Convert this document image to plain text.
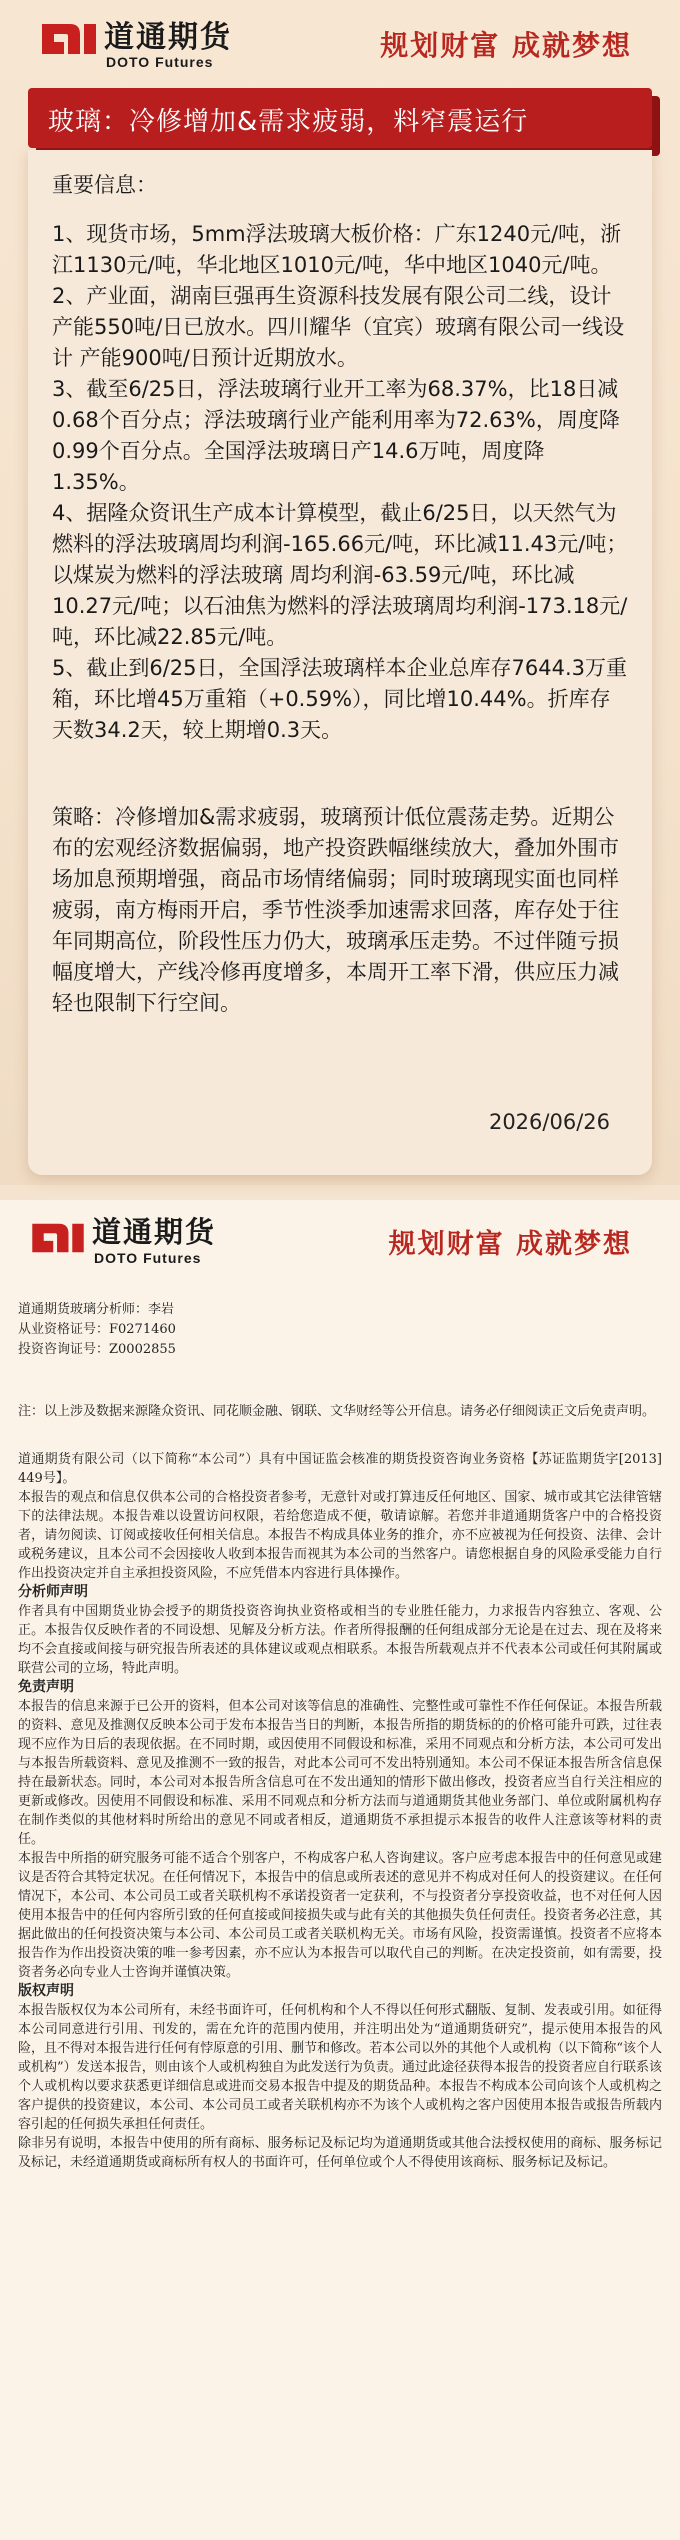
道通期货
DOTO Futures	规划财富 成就梦想
玻璃：冷修增加&需求疲弱，料窄震运行

重要信息：

1、现货市场，5mm浮法玻璃大板价格：广东1240元/吨，浙江1130元/吨，华北地区1010元/吨，华中地区1040元/吨。

2、产业面，湖南巨强再生资源科技发展有限公司二线，设计产能550吨/日已放水。四川耀华（宜宾）玻璃有限公司一线设计 产能900吨/日预计近期放水。

3、截至6/25日，浮法玻璃行业开工率为68.37%，比18日减0.68个百分点；浮法玻璃行业产能利用率为72.63%，周度降0.99个百分点。全国浮法玻璃日产14.6万吨，周度降1.35%。

4、据隆众资讯生产成本计算模型，截止6/25日，以天然气为燃料的浮法玻璃周均利润-165.66元/吨，环比减11.43元/吨；以煤炭为燃料的浮法玻璃 周均利润-63.59元/吨，环比减10.27元/吨；以石油焦为燃料的浮法玻璃周均利润-173.18元/吨，环比减22.85元/吨。

5、截止到6/25日，全国浮法玻璃样本企业总库存7644.3万重箱，环比增45万重箱（+0.59%），同比增10.44%。折库存天数34.2天，较上期增0.3天。

策略：冷修增加&需求疲弱，玻璃预计低位震荡走势。近期公布的宏观经济数据偏弱，地产投资跌幅继续放大，叠加外围市场加息预期增强，商品市场情绪偏弱；同时玻璃现实面也同样疲弱，南方梅雨开启，季节性淡季加速需求回落，库存处于往年同期高位，阶段性压力仍大，玻璃承压走势。不过伴随亏损幅度增大，产线冷修再度增多，本周开工率下滑，供应压力减轻也限制下行空间。

2026/06/26
道通期货
DOTO Futures	规划财富 成就梦想

道通期货玻璃分析师：李岩

从业资格证号：F0271460

投资咨询证号：Z0002855

注：以上涉及数据来源隆众资讯、同花顺金融、钢联、文华财经等公开信息。请务必仔细阅读正文后免责声明。

道通期货有限公司（以下简称“本公司”）具有中国证监会核准的期货投资咨询业务资格【苏证监期货字[2013] 449号】。

本报告的观点和信息仅供本公司的合格投资者参考，无意针对或打算违反任何地区、国家、城市或其它法律管辖下的法律法规。本报告难以设置访问权限，若给您造成不便，敬请谅解。若您并非道通期货客户中的合格投资者，请勿阅读、订阅或接收任何相关信息。本报告不构成具体业务的推介，亦不应被视为任何投资、法律、会计或税务建议，且本公司不会因接收人收到本报告而视其为本公司的当然客户。请您根据自身的风险承受能力自行作出投资决定并自主承担投资风险，不应凭借本内容进行具体操作。

分析师声明

作者具有中国期货业协会授予的期货投资咨询执业资格或相当的专业胜任能力，力求报告内容独立、客观、公正。本报告仅反映作者的不同设想、见解及分析方法。作者所得报酬的任何组成部分无论是在过去、现在及将来均不会直接或间接与研究报告所表述的具体建议或观点相联系。本报告所载观点并不代表本公司或任何其附属或联营公司的立场，特此声明。

免责声明

本报告的信息来源于已公开的资料，但本公司对该等信息的准确性、完整性或可靠性不作任何保证。本报告所载的资料、意见及推测仅反映本公司于发布本报告当日的判断，本报告所指的期货标的的价格可能升可跌，过往表现不应作为日后的表现依据。在不同时期，或因使用不同假设和标准，采用不同观点和分析方法，本公司可发出与本报告所载资料、意见及推测不一致的报告，对此本公司可不发出特别通知。本公司不保证本报告所含信息保持在最新状态。同时，本公司对本报告所含信息可在不发出通知的情形下做出修改，投资者应当自行关注相应的更新或修改。因使用不同假设和标准、采用不同观点和分析方法而与道通期货其他业务部门、单位或附属机构存在制作类似的其他材料时所给出的意见不同或者相反，道通期货不承担提示本报告的收件人注意该等材料的责任。
本报告中所指的研究服务可能不适合个别客户，不构成客户私人咨询建议。客户应考虑本报告中的任何意见或建议是否符合其特定状况。在任何情况下，本报告中的信息或所表述的意见并不构成对任何人的投资建议。在任何情况下，本公司、本公司员工或者关联机构不承诺投资者一定获利，不与投资者分享投资收益，也不对任何人因使用本报告中的任何内容所引致的任何直接或间接损失或与此有关的其他损失负任何责任。投资者务必注意，其据此做出的任何投资决策与本公司、本公司员工或者关联机构无关。市场有风险，投资需谨慎。投资者不应将本报告作为作出投资决策的唯一参考因素，亦不应认为本报告可以取代自己的判断。在决定投资前，如有需要，投资者务必向专业人士咨询并谨慎决策。

版权声明

本报告版权仅为本公司所有，未经书面许可，任何机构和个人不得以任何形式翻版、复制、发表或引用。如征得本公司同意进行引用、刊发的，需在允许的范围内使用，并注明出处为“道通期货研究”，提示使用本报告的风险，且不得对本报告进行任何有悖原意的引用、删节和修改。若本公司以外的其他个人或机构（以下简称“该个人或机构”）发送本报告，则由该个人或机构独自为此发送行为负责。通过此途径获得本报告的投资者应自行联系该个人或机构以要求获悉更详细信息或进而交易本报告中提及的期货品种。本报告不构成本公司向该个人或机构之客户提供的投资建议，本公司、本公司员工或者关联机构亦不为该个人或机构之客户因使用本报告或报告所载内容引起的任何损失承担任何责任。
除非另有说明，本报告中使用的所有商标、服务标记及标记均为道通期货或其他合法授权使用的商标、服务标记及标记，未经道通期货或商标所有权人的书面许可，任何单位或个人不得使用该商标、服务标记及标记。
